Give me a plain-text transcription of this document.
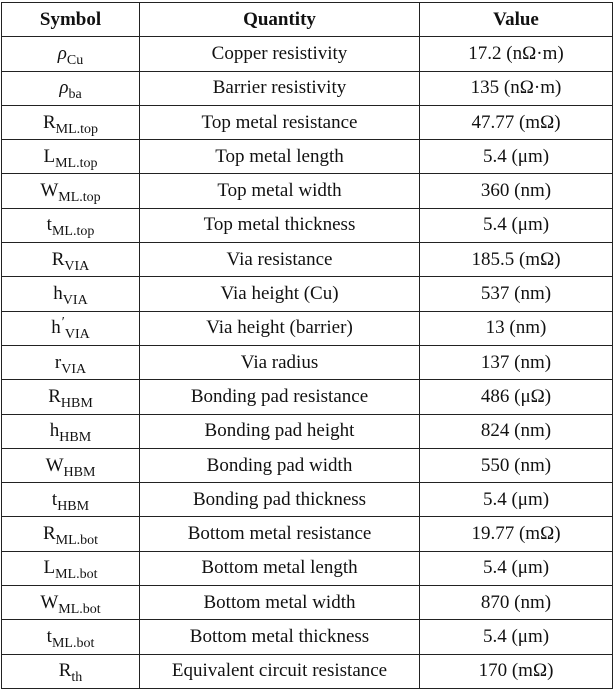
Symbol	Quantity	Value
$\rho_{Cu}$	Copper resistivity	17.2 (nΩ·m)
$\rho_{ba}$	Barrier resistivity	135 (nΩ·m)
$R_{ML.top}$	Top metal resistance	47.77 (mΩ)
$L_{ML.top}$	Top metal length	5.4 (μm)
$W_{ML.top}$	Top metal width	360 (nm)
$t_{ML.top}$	Top metal thickness	5.4 (μm)
$R_{VIA}$	Via resistance	185.5 (mΩ)
$h_{VIA}$	Via height (Cu)	537 (nm)
$h'_{VIA}$	Via height (barrier)	13 (nm)
$r_{VIA}$	Via radius	137 (nm)
$R_{HBM}$	Bonding pad resistance	486 (μΩ)
$h_{HBM}$	Bonding pad height	824 (nm)
$W_{HBM}$	Bonding pad width	550 (nm)
$t_{HBM}$	Bonding pad thickness	5.4 (μm)
$R_{ML.bot}$	Bottom metal resistance	19.77 (mΩ)
$L_{ML.bot}$	Bottom metal length	5.4 (μm)
$W_{ML.bot}$	Bottom metal width	870 (nm)
$t_{ML.bot}$	Bottom metal thickness	5.4 (μm)
$R_{th}$	Equivalent circuit resistance	170 (mΩ)
